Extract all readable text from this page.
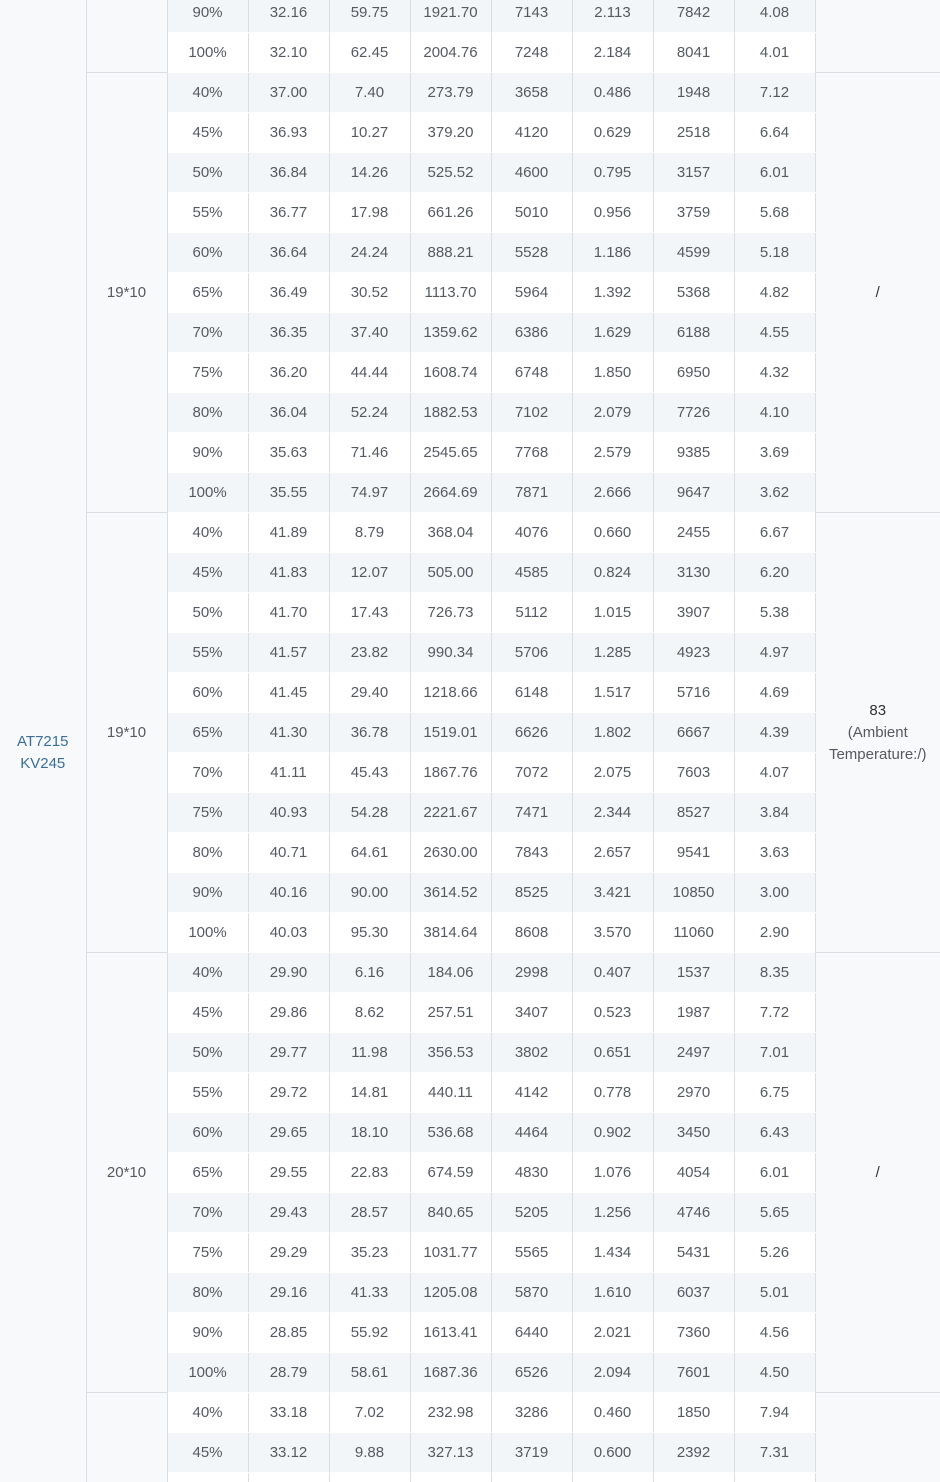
AT7215
KV245		90%	32.16	59.75	1921.70	7143	2.113	7842	4.08	

		100%	32.10	62.45	2004.76	7248	2.184	8041	4.01	
	19*10	40%	37.00	7.40	273.79	3658	0.486	1948	7.12	/

		45%	36.93	10.27	379.20	4120	0.629	2518	6.64	
		50%	36.84	14.26	525.52	4600	0.795	3157	6.01	
		55%	36.77	17.98	661.26	5010	0.956	3759	5.68	
		60%	36.64	24.24	888.21	5528	1.186	4599	5.18	
		65%	36.49	30.52	1113.70	5964	1.392	5368	4.82	
		70%	36.35	37.40	1359.62	6386	1.629	6188	4.55	
		75%	36.20	44.44	1608.74	6748	1.850	6950	4.32	
		80%	36.04	52.24	1882.53	7102	2.079	7726	4.10	
		90%	35.63	71.46	2545.65	7768	2.579	9385	3.69	
		100%	35.55	74.97	2664.69	7871	2.666	9647	3.62	
	19*10	40%	41.89	8.79	368.04	4076	0.660	2455	6.67	83
(Ambient Temperature:/)

		45%	41.83	12.07	505.00	4585	0.824	3130	6.20	
		50%	41.70	17.43	726.73	5112	1.015	3907	5.38	
		55%	41.57	23.82	990.34	5706	1.285	4923	4.97	
		60%	41.45	29.40	1218.66	6148	1.517	5716	4.69	
		65%	41.30	36.78	1519.01	6626	1.802	6667	4.39	
		70%	41.11	45.43	1867.76	7072	2.075	7603	4.07	
		75%	40.93	54.28	2221.67	7471	2.344	8527	3.84	
		80%	40.71	64.61	2630.00	7843	2.657	9541	3.63	
		90%	40.16	90.00	3614.52	8525	3.421	10850	3.00	
		100%	40.03	95.30	3814.64	8608	3.570	11060	2.90	
	20*10	40%	29.90	6.16	184.06	2998	0.407	1537	8.35	/

		45%	29.86	8.62	257.51	3407	0.523	1987	7.72	
		50%	29.77	11.98	356.53	3802	0.651	2497	7.01	
		55%	29.72	14.81	440.11	4142	0.778	2970	6.75	
		60%	29.65	18.10	536.68	4464	0.902	3450	6.43	
		65%	29.55	22.83	674.59	4830	1.076	4054	6.01	
		70%	29.43	28.57	840.65	5205	1.256	4746	5.65	
		75%	29.29	35.23	1031.77	5565	1.434	5431	5.26	
		80%	29.16	41.33	1205.08	5870	1.610	6037	5.01	
		90%	28.85	55.92	1613.41	6440	2.021	7360	4.56	
		100%	28.79	58.61	1687.36	6526	2.094	7601	4.50	
		40%	33.18	7.02	232.98	3286	0.460	1850	7.94	

		45%	33.12	9.88	327.13	3719	0.600	2392	7.31	
